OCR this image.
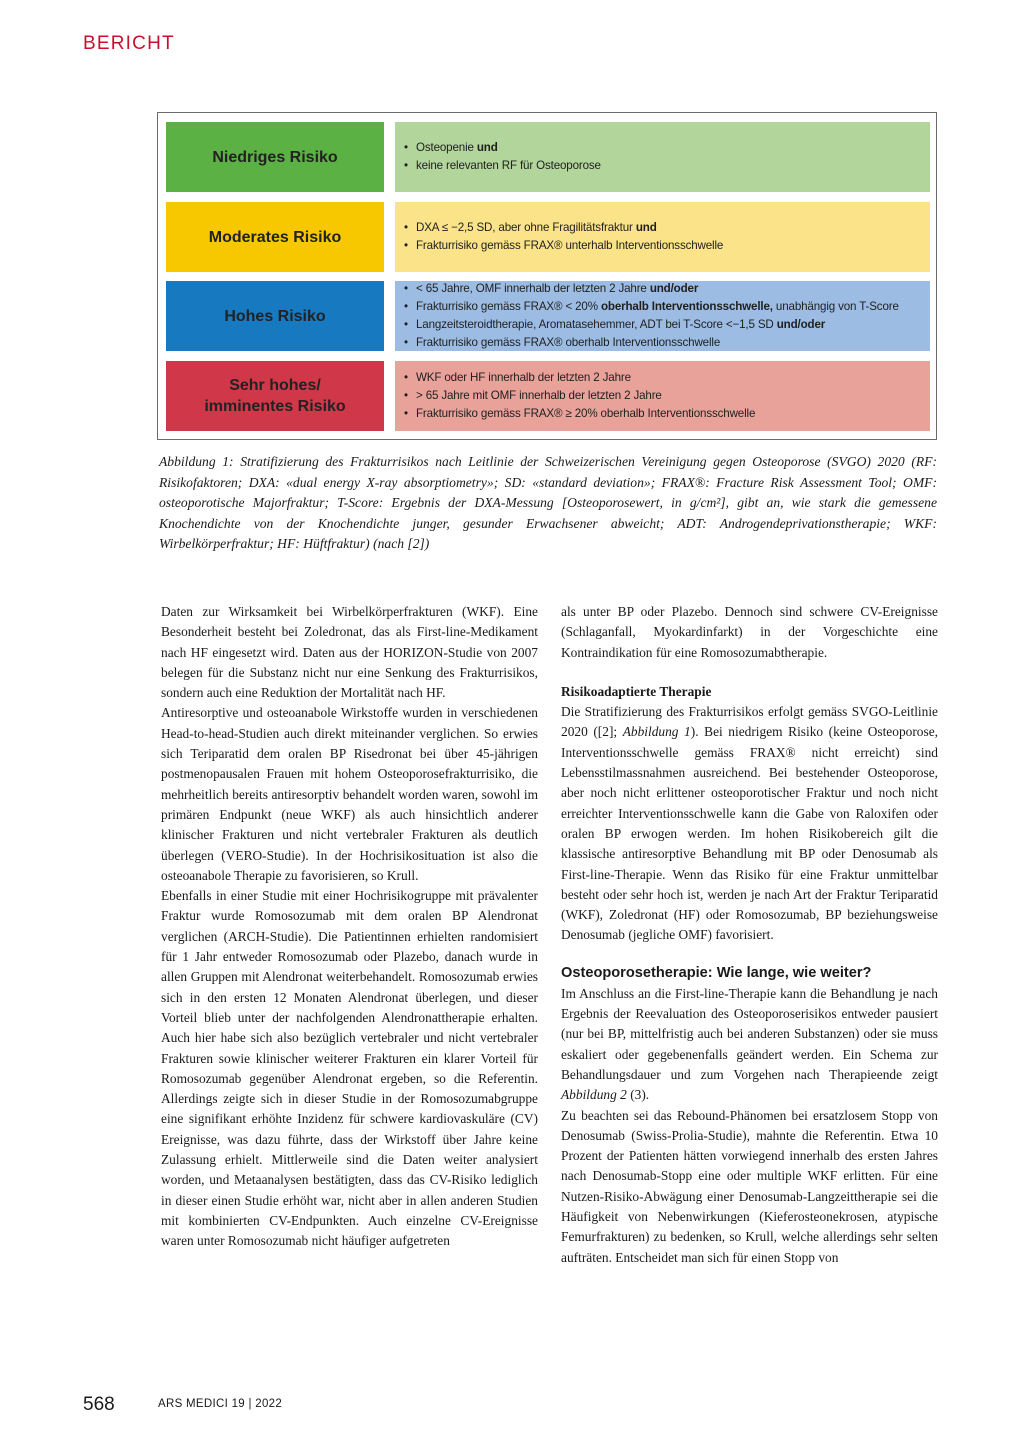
BERICHT
Niedriges Risiko
• Osteopenie und
• keine relevanten RF für Osteoporose
Moderates Risiko
• DXA ≤ −2,5 SD, aber ohne Fragilitätsfraktur und
• Frakturrisiko gemäss FRAX® unterhalb Interventionsschwelle
Hohes Risiko
• < 65 Jahre, OMF innerhalb der letzten 2 Jahre und/oder
• Frakturrisiko gemäss FRAX® < 20% oberhalb Interventionsschwelle, unabhängig von T-Score
• Langzeitsteroidtherapie, Aromatasehemmer, ADT bei T-Score <−1,5 SD und/oder
• Frakturrisiko gemäss FRAX® oberhalb Interventionsschwelle
Sehr hohes/
imminentes Risiko
• WKF oder HF innerhalb der letzten 2 Jahre
• > 65 Jahre mit OMF innerhalb der letzten 2 Jahre
• Frakturrisiko gemäss FRAX® ≥ 20% oberhalb Interventionsschwelle
Abbildung 1: Stratifizierung des Frakturrisikos nach Leitlinie der Schweizerischen Vereinigung gegen Osteoporose (SVGO) 2020 (RF: Risikofaktoren; DXA: «dual energy X-ray absorptiometry»; SD: «standard deviation»; FRAX®: Fracture Risk Assessment Tool; OMF: osteoporotische Majorfraktur; T-Score: Ergebnis der DXA-Messung [Osteoporosewert, in g/cm²], gibt an, wie stark die gemessene Knochendichte von der Knochendichte junger, gesunder Erwachsener abweicht; ADT: Androgendeprivationstherapie; WKF: Wirbelkörperfraktur; HF: Hüftfraktur) (nach [2])

Daten zur Wirksamkeit bei Wirbelkörperfrakturen (WKF). Eine Besonderheit besteht bei Zoledronat, das als First-line-Medikament nach HF eingesetzt wird. Daten aus der HORIZON-Studie von 2007 belegen für die Substanz nicht nur eine Senkung des Frakturrisikos, sondern auch eine Reduktion der Mortalität nach HF.

Antiresorptive und osteoanabole Wirkstoffe wurden in verschiedenen Head-to-head-Studien auch direkt miteinander verglichen. So erwies sich Teriparatid dem oralen BP Risedronat bei über 45-jährigen postmenopausalen Frauen mit hohem Osteoporosefrakturrisiko, die mehrheitlich bereits antiresorptiv behandelt worden waren, sowohl im primären Endpunkt (neue WKF) als auch hinsichtlich anderer klinischer Frakturen und nicht vertebraler Frakturen als deutlich überlegen (VERO-Studie). In der Hochrisikosituation ist also die osteoanabole Therapie zu favorisieren, so Krull.

Ebenfalls in einer Studie mit einer Hochrisikogruppe mit prävalenter Fraktur wurde Romosozumab mit dem oralen BP Alendronat verglichen (ARCH-Studie). Die Patientinnen erhielten randomisiert für 1 Jahr entweder Romosozumab oder Plazebo, danach wurde in allen Gruppen mit Alendronat weiterbehandelt. Romosozumab erwies sich in den ersten 12 Monaten Alendronat überlegen, und dieser Vorteil blieb unter der nachfolgenden Alendronattherapie erhalten. Auch hier habe sich also bezüglich vertebraler und nicht vertebraler Frakturen sowie klinischer weiterer Frakturen ein klarer Vorteil für Romosozumab gegenüber Alendronat ergeben, so die Referentin. Allerdings zeigte sich in dieser Studie in der Romosozumabgruppe eine signifikant erhöhte Inzidenz für schwere kardiovaskuläre (CV) Ereignisse, was dazu führte, dass der Wirkstoff über Jahre keine Zulassung erhielt. Mittlerweile sind die Daten weiter analysiert worden, und Metaanalysen bestätigten, dass das CV-Risiko lediglich in dieser einen Studie erhöht war, nicht aber in allen anderen Studien mit kombinierten CV-Endpunkten. Auch einzelne CV-Ereignisse waren unter Romosozumab nicht häufiger aufgetreten

als unter BP oder Plazebo. Dennoch sind schwere CV-Ereignisse (Schlaganfall, Myokardinfarkt) in der Vorgeschichte eine Kontraindikation für eine Romosozumabtherapie.

Risikoadaptierte Therapie

Die Stratifizierung des Frakturrisikos erfolgt gemäss SVGO-Leitlinie 2020 ([2]; Abbildung 1). Bei niedrigem Risiko (keine Osteoporose, Interventionsschwelle gemäss FRAX® nicht erreicht) sind Lebensstilmassnahmen ausreichend. Bei bestehender Osteoporose, aber noch nicht erlittener osteoporotischer Fraktur und noch nicht erreichter Interventionsschwelle kann die Gabe von Raloxifen oder oralen BP erwogen werden. Im hohen Risikobereich gilt die klassische antiresorptive Behandlung mit BP oder Denosumab als First-line-Therapie. Wenn das Risiko für eine Fraktur unmittelbar besteht oder sehr hoch ist, werden je nach Art der Fraktur Teriparatid (WKF), Zoledronat (HF) oder Romosozumab, BP beziehungsweise Denosumab (jegliche OMF) favorisiert.

Osteoporosetherapie: Wie lange, wie weiter?

Im Anschluss an die First-line-Therapie kann die Behandlung je nach Ergebnis der Reevaluation des Osteoporoserisikos entweder pausiert (nur bei BP, mittelfristig auch bei anderen Substanzen) oder sie muss eskaliert oder gegebenenfalls geändert werden. Ein Schema zur Behandlungsdauer und zum Vorgehen nach Therapieende zeigt Abbildung 2 (3).

Zu beachten sei das Rebound-Phänomen bei ersatzlosem Stopp von Denosumab (Swiss-Prolia-Studie), mahnte die Referentin. Etwa 10 Prozent der Patienten hätten vorwiegend innerhalb des ersten Jahres nach Denosumab-Stopp eine oder multiple WKF erlitten. Für eine Nutzen-Risiko-Abwägung einer Denosumab-Langzeittherapie sei die Häufigkeit von Nebenwirkungen (Kieferosteonekrosen, atypische Femurfrakturen) zu bedenken, so Krull, welche allerdings sehr selten aufträten. Entscheidet man sich für einen Stopp von

568	ARS MEDICI 19 | 2022
